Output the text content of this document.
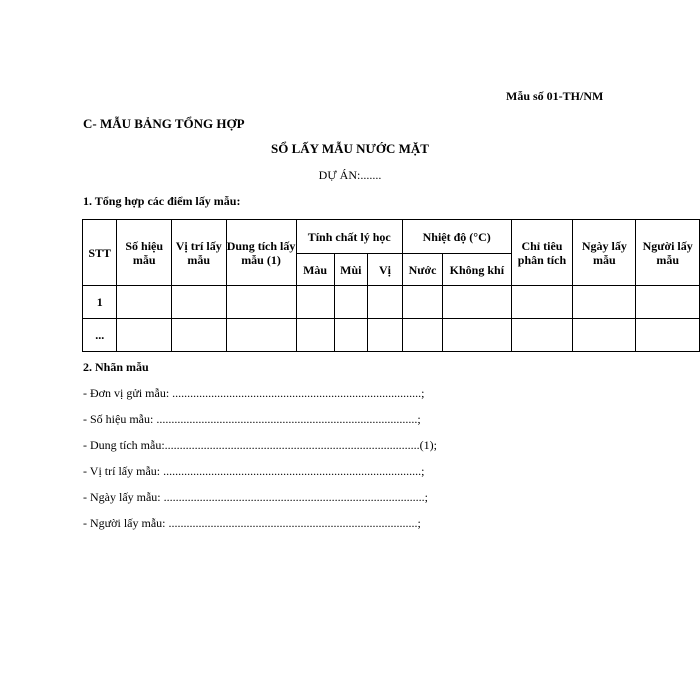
Mẫu số 01-TH/NM
C- MẪU BẢNG TỔNG HỢP
SỔ LẤY MẪU NƯỚC MẶT
DỰ ÁN:.......
1. Tổng hợp các điểm lấy mẫu:
STT	Số hiệu mẫu	Vị trí lấy mẫu	Dung tích lấy mẫu (1)	Tính chất lý học			Nhiệt độ (°C)		Chỉ tiêu phân tích	Ngày lấy mẫu	Người lấy mẫu
				Màu	Mùi	Vị	Nước	Không khí			
1											
...											
2. Nhãn mẫu
- Đơn vị gửi mẫu: ...................................................................................;
- Số hiệu mẫu: .......................................................................................;
- Dung tích mẫu:.....................................................................................(1);
- Vị trí lấy mẫu: ......................................................................................;
- Ngày lấy mẫu: .......................................................................................;
- Người lấy mẫu: ...................................................................................;
